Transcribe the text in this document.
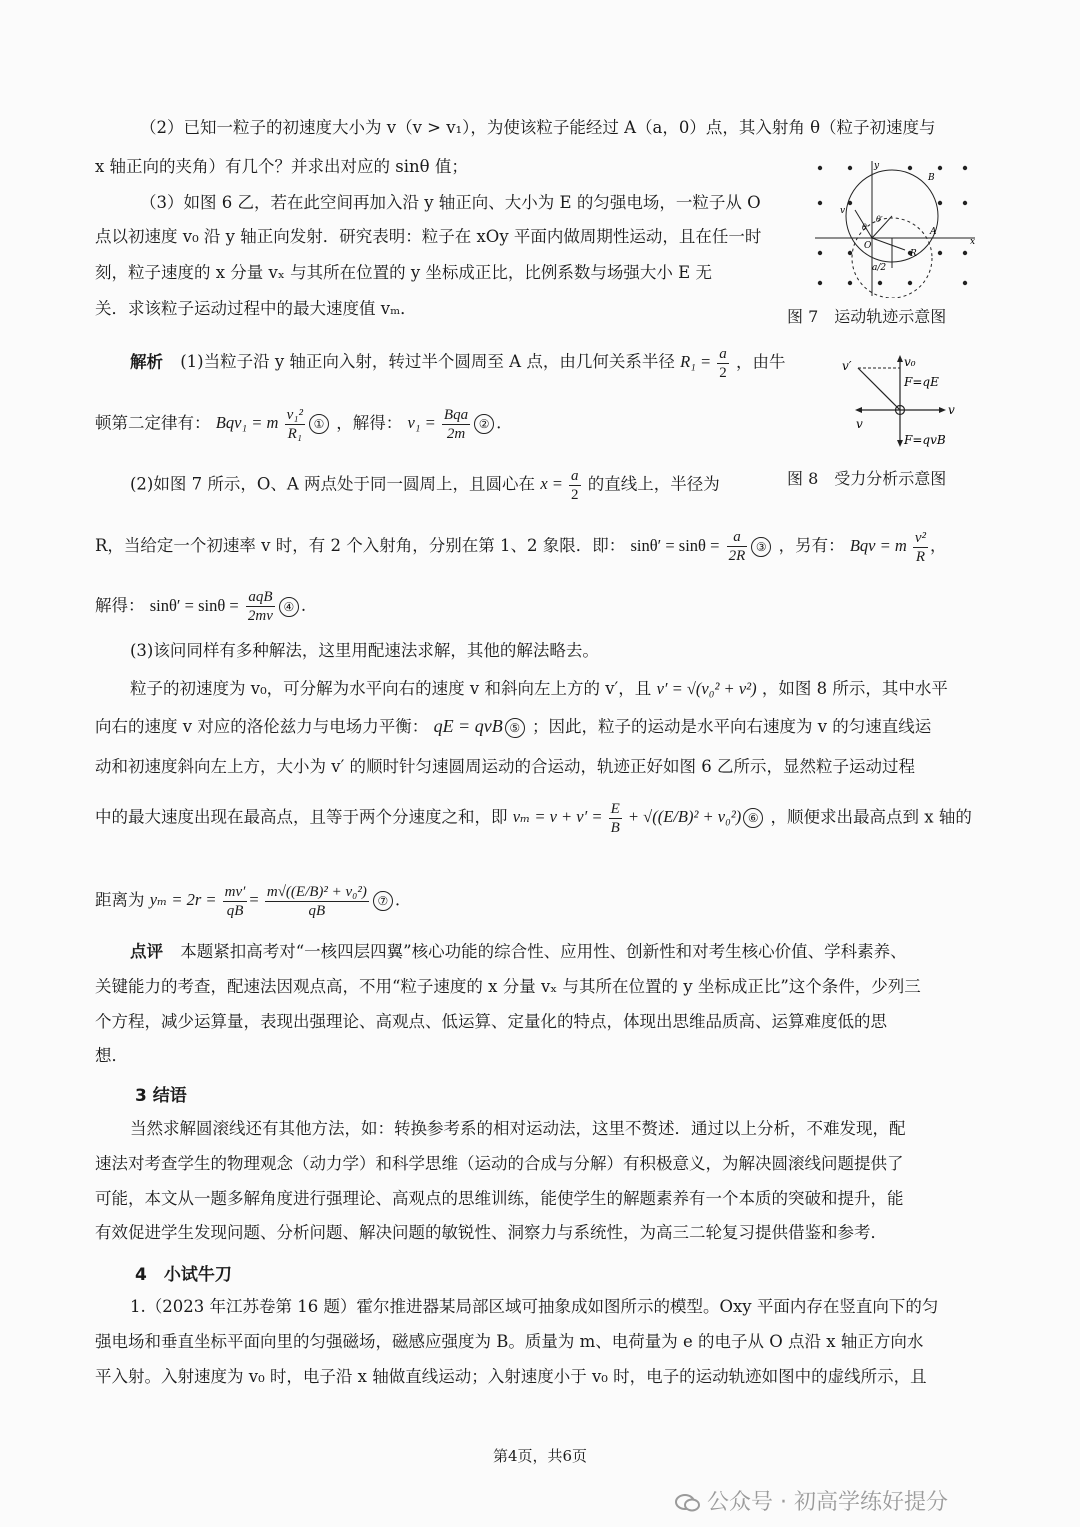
（2）已知一粒子的初速度大小为 v（v > v₁），为使该粒子能经过 A（a，0）点，其入射角 θ（粒子初速度与
x 轴正向的夹角）有几个？并求出对应的 sinθ 值；
（3）如图 6 乙，若在此空间再加入沿 y 轴正向、大小为 E 的匀强电场，一粒子从 O
点以初速度 v₀ 沿 y 轴正向发射．研究表明：粒子在 xOy 平面内做周期性运动，且在任一时
刻，粒子速度的 x 分量 vₓ 与其所在位置的 y 坐标成正比，比例系数与场强大小 E 无
关．求该粒子运动过程中的最大速度值 vₘ．
y
x
B
A
O
R
a/2
v
θ
θ′
图 7　运动轨迹示意图
解析 (1)当粒子沿 y 轴正向入射，转过半个圆周至 A 点，由几何关系半径 $R_1 = \frac{a}{2}$ ，由牛
顿第二定律有： Bqv₁ = m $\frac{\text{v₁²}}{\text{R₁}}$ ① ，解得： $v_1 = \frac{\text{Bqa}}{2m}$ ② .
v′	v₀
F=qE
v
v
F=qvB
图 8　受力分析示意图
(2)如图 7 所示，O、A 两点处于同一圆周上，且圆心在 $x = \frac{a}{2}$ 的直线上，半径为
R，当给定一个初速率 v 时，有 2 个入射角，分别在第 1、2 象限．即： $\sin\theta' = \sin\theta = \frac{a}{2R}$ ③ ，另有： Bqv = m $\frac{\text{v²}}{R}$ ，
解得： $\sin\theta' = \sin\theta = \frac{\text{aqB}}{2mv}$ ④ .
(3)该问同样有多种解法，这里用配速法求解，其他的解法略去。
粒子的初速度为 v₀，可分解为水平向右的速度 v 和斜向左上方的 v′，且 v′ = √(v₀² + v²) ，如图 8 所示，其中水平
向右的速度 v 对应的洛伦兹力与电场力平衡： qE = qvB ⑤ ；因此，粒子的运动是水平向右速度为 v 的匀速直线运
动和初速度斜向左上方，大小为 v′ 的顺时针匀速圆周运动的合运动，轨迹正好如图 6 乙所示，显然粒子运动过程
中的最大速度出现在最高点，且等于两个分速度之和，即 $v_m = v + v' = \frac{E}{B} + √((E/B)^2 + v_0^2)$ ⑥ ，顺便求出最高点到 x 轴的
距离为 $y_m = 2r = \frac{mv'}{qB} = \frac{\text{m√((E/B)² + v₀²)}}{qB}$ ⑦ .
点评 本题紧扣高考对“一核四层四翼”核心功能的综合性、应用性、创新性和对考生核心价值、学科素养、
关键能力的考查，配速法因观点高，不用“粒子速度的 x 分量 vₓ 与其所在位置的 y 坐标成正比”这个条件，少列三
个方程，减少运算量，表现出强理论、高观点、低运算、定量化的特点，体现出思维品质高、运算难度低的思
想．
3 结语
当然求解圆滚线还有其他方法，如：转换参考系的相对运动法，这里不赘述．通过以上分析，不难发现，配
速法对考查学生的物理观念（动力学）和科学思维（运动的合成与分解）有积极意义，为解决圆滚线问题提供了
可能，本文从一题多解角度进行强理论、高观点的思维训练，能使学生的解题素养有一个本质的突破和提升，能
有效促进学生发现问题、分析问题、解决问题的敏锐性、洞察力与系统性，为高三二轮复习提供借鉴和参考．
4　小试牛刀
1.（2023 年江苏卷第 16 题）霍尔推进器某局部区域可抽象成如图所示的模型。Oxy 平面内存在竖直向下的匀
强电场和垂直坐标平面向里的匀强磁场，磁感应强度为 B。质量为 m、电荷量为 e 的电子从 O 点沿 x 轴正方向水
平入射。入射速度为 v₀ 时，电子沿 x 轴做直线运动；入射速度小于 v₀ 时，电子的运动轨迹如图中的虚线所示，且
第4页，共6页
公众号 · 初高学练好提分
